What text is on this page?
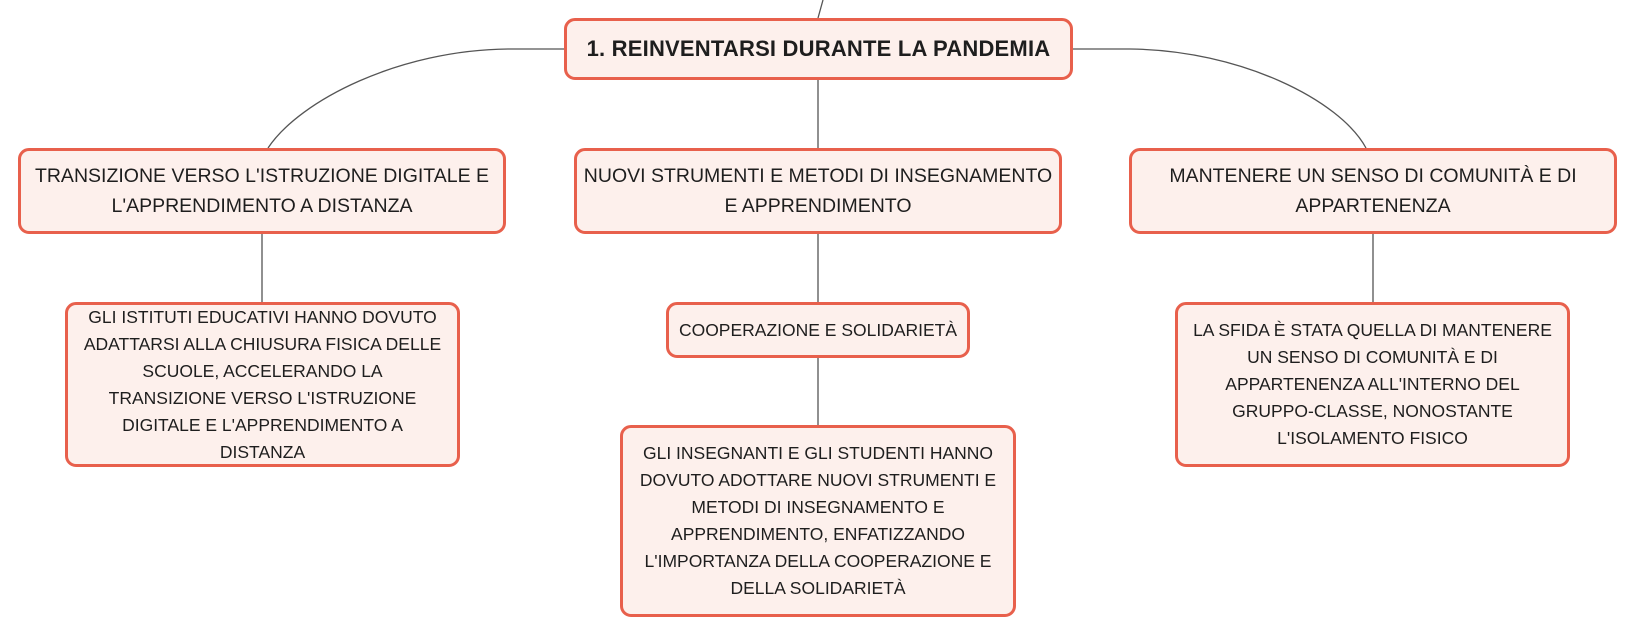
1. REINVENTARSI DURANTE LA PANDEMIA
TRANSIZIONE VERSO L'ISTRUZIONE DIGITALE E L'APPRENDIMENTO A DISTANZA
NUOVI STRUMENTI E METODI DI INSEGNAMENTO E APPRENDIMENTO
MANTENERE UN SENSO DI COMUNITÀ E DI APPARTENENZA
GLI ISTITUTI EDUCATIVI HANNO DOVUTO ADATTARSI ALLA CHIUSURA FISICA DELLE SCUOLE, ACCELERANDO LA TRANSIZIONE VERSO L'ISTRUZIONE DIGITALE E L'APPRENDIMENTO A DISTANZA
COOPERAZIONE E SOLIDARIETÀ
GLI INSEGNANTI E GLI STUDENTI HANNO DOVUTO ADOTTARE NUOVI STRUMENTI E METODI DI INSEGNAMENTO E APPRENDIMENTO, ENFATIZZANDO L'IMPORTANZA DELLA COOPERAZIONE E DELLA SOLIDARIETÀ
LA SFIDA È STATA QUELLA DI MANTENERE UN SENSO DI COMUNITÀ E DI APPARTENENZA ALL'INTERNO DEL GRUPPO-CLASSE, NONOSTANTE L'ISOLAMENTO FISICO
